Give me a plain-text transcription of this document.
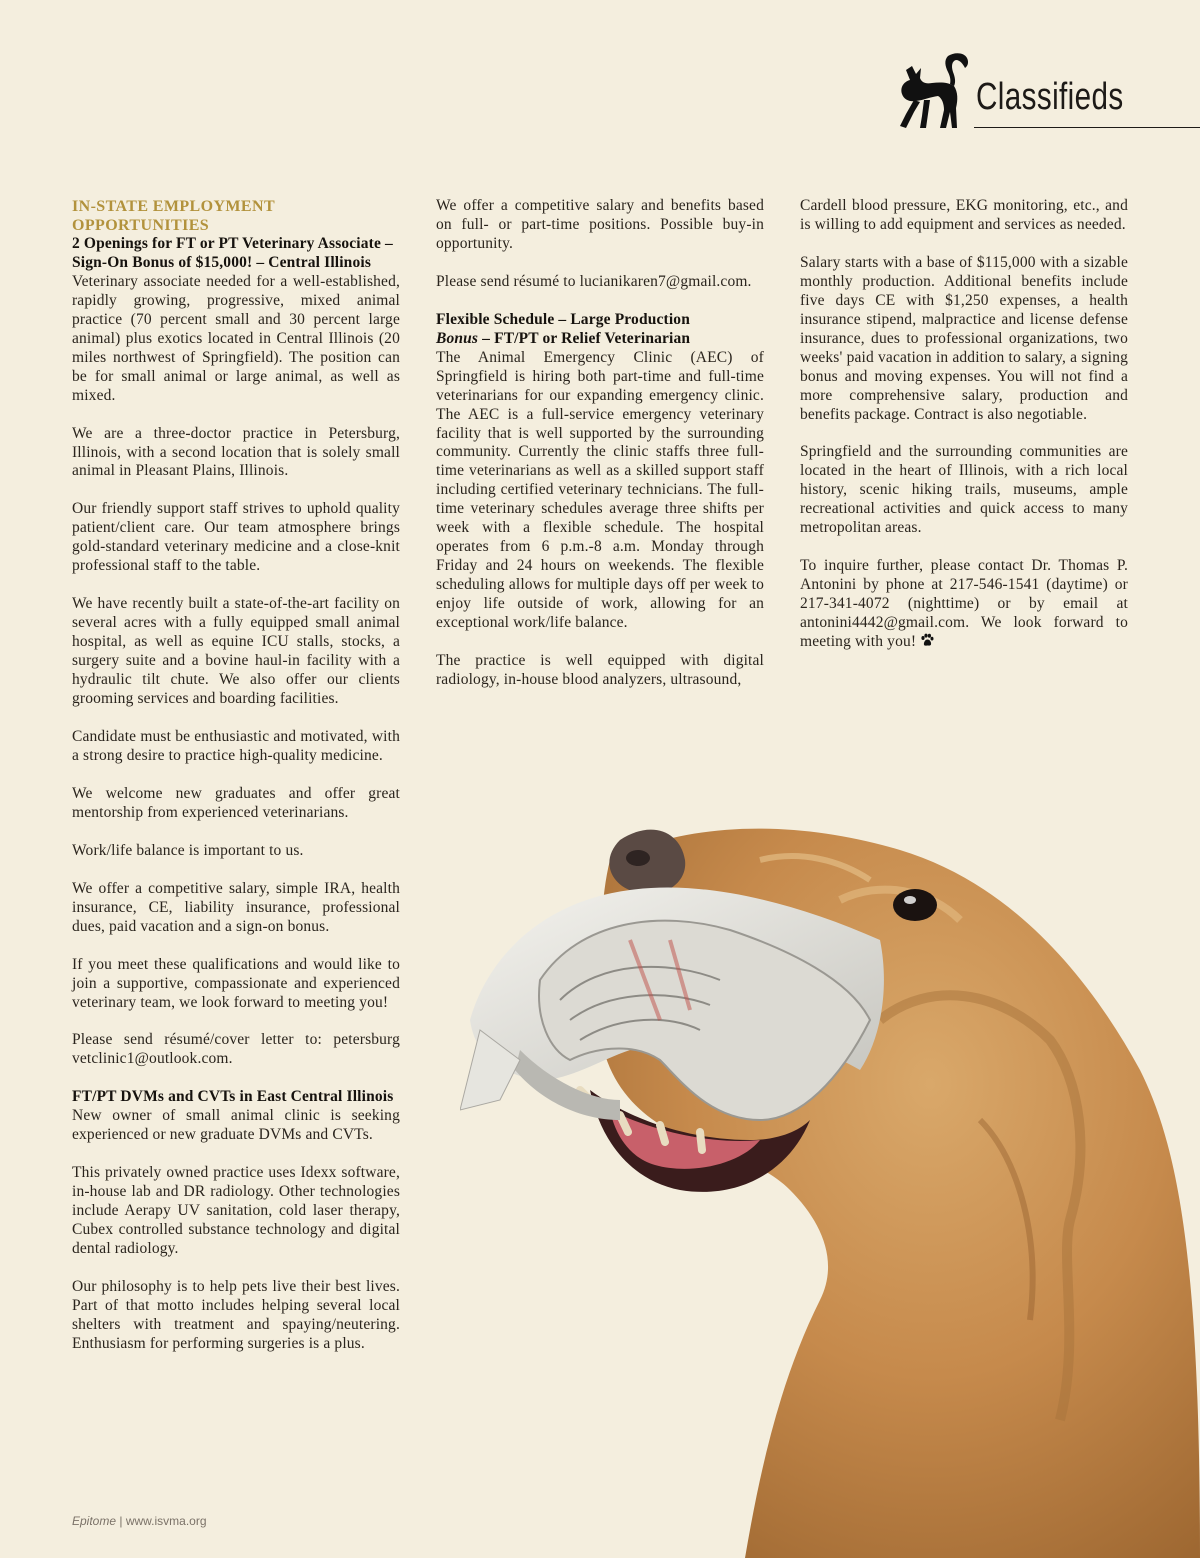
Classifieds
IN-STATE EMPLOYMENT
OPPORTUNITIES
2 Openings for FT or PT Veterinary Associate – Sign-On Bonus of $15,000! – Central Illinois

Veterinary associate needed for a well-established, rapidly growing, progressive, mixed animal practice (70 percent small and 30 percent large animal) plus exotics located in Central Illinois (20 miles northwest of Springfield). The position can be for small animal or large animal, as well as mixed.

We are a three-doctor practice in Petersburg, Illinois, with a second location that is solely small animal in Pleasant Plains, Illinois.

Our friendly support staff strives to uphold quality patient/client care. Our team atmosphere brings gold-standard veterinary medicine and a close-knit professional staff to the table.

We have recently built a state-of-the-art facility on several acres with a fully equipped small animal hospital, as well as equine ICU stalls, stocks, a surgery suite and a bovine haul-in facility with a hydraulic tilt chute. We also offer our clients grooming services and boarding facilities.

Candidate must be enthusiastic and motivated, with a strong desire to practice high-quality medicine.

We welcome new graduates and offer great mentorship from experienced veterinarians.

Work/life balance is important to us.

We offer a competitive salary, simple IRA, health insurance, CE, liability insurance, professional dues, paid vacation and a sign-on bonus.

If you meet these qualifications and would like to join a supportive, compassionate and experienced veterinary team, we look forward to meeting you!

Please send résumé/cover letter to: petersburg vetclinic1@outlook.com.

FT/PT DVMs and CVTs in East Central Illinois

New owner of small animal clinic is seeking experienced or new graduate DVMs and CVTs.

This privately owned practice uses Idexx software, in-house lab and DR radiology. Other technologies include Aerapy UV sanitation, cold laser therapy, Cubex controlled substance technology and digital dental radiology.

Our philosophy is to help pets live their best lives. Part of that motto includes helping several local shelters with treatment and spaying/neutering. Enthusiasm for performing surgeries is a plus.

We offer a competitive salary and benefits based on full- or part-time positions. Possible buy-in opportunity.

Please send résumé to lucianikaren7@gmail.com.

Flexible Schedule – Large Production
Bonus – FT/PT or Relief Veterinarian

The Animal Emergency Clinic (AEC) of Springfield is hiring both part-time and full-time veterinarians for our expanding emergency clinic. The AEC is a full-service emergency veterinary facility that is well supported by the surrounding community. Currently the clinic staffs three full-time veterinarians as well as a skilled support staff including certified veterinary technicians. The full-time veterinary schedules average three shifts per week with a flexible schedule. The hospital operates from 6 p.m.-8 a.m. Monday through Friday and 24 hours on weekends. The flexible scheduling allows for multiple days off per week to enjoy life outside of work, allowing for an exceptional work/life balance.

The practice is well equipped with digital radiology, in-house blood analyzers, ultrasound,

Cardell blood pressure, EKG monitoring, etc., and is willing to add equipment and services as needed.

Salary starts with a base of $115,000 with a sizable monthly production. Additional benefits include five days CE with $1,250 expenses, a health insurance stipend, malpractice and license defense insurance, dues to professional organizations, two weeks' paid vacation in addition to salary, a signing bonus and moving expenses. You will not find a more comprehensive salary, production and benefits package. Contract is also negotiable.

Springfield and the surrounding communities are located in the heart of Illinois, with a rich local history, scenic hiking trails, museums, ample recreational activities and quick access to many metropolitan areas.

To inquire further, please contact Dr. Thomas P. Antonini by phone at 217-546-1541 (daytime) or 217-341-4072 (nighttime) or by email at antonini4442@gmail.com. We look forward to meeting with you!

Epitome | www.isvma.org
